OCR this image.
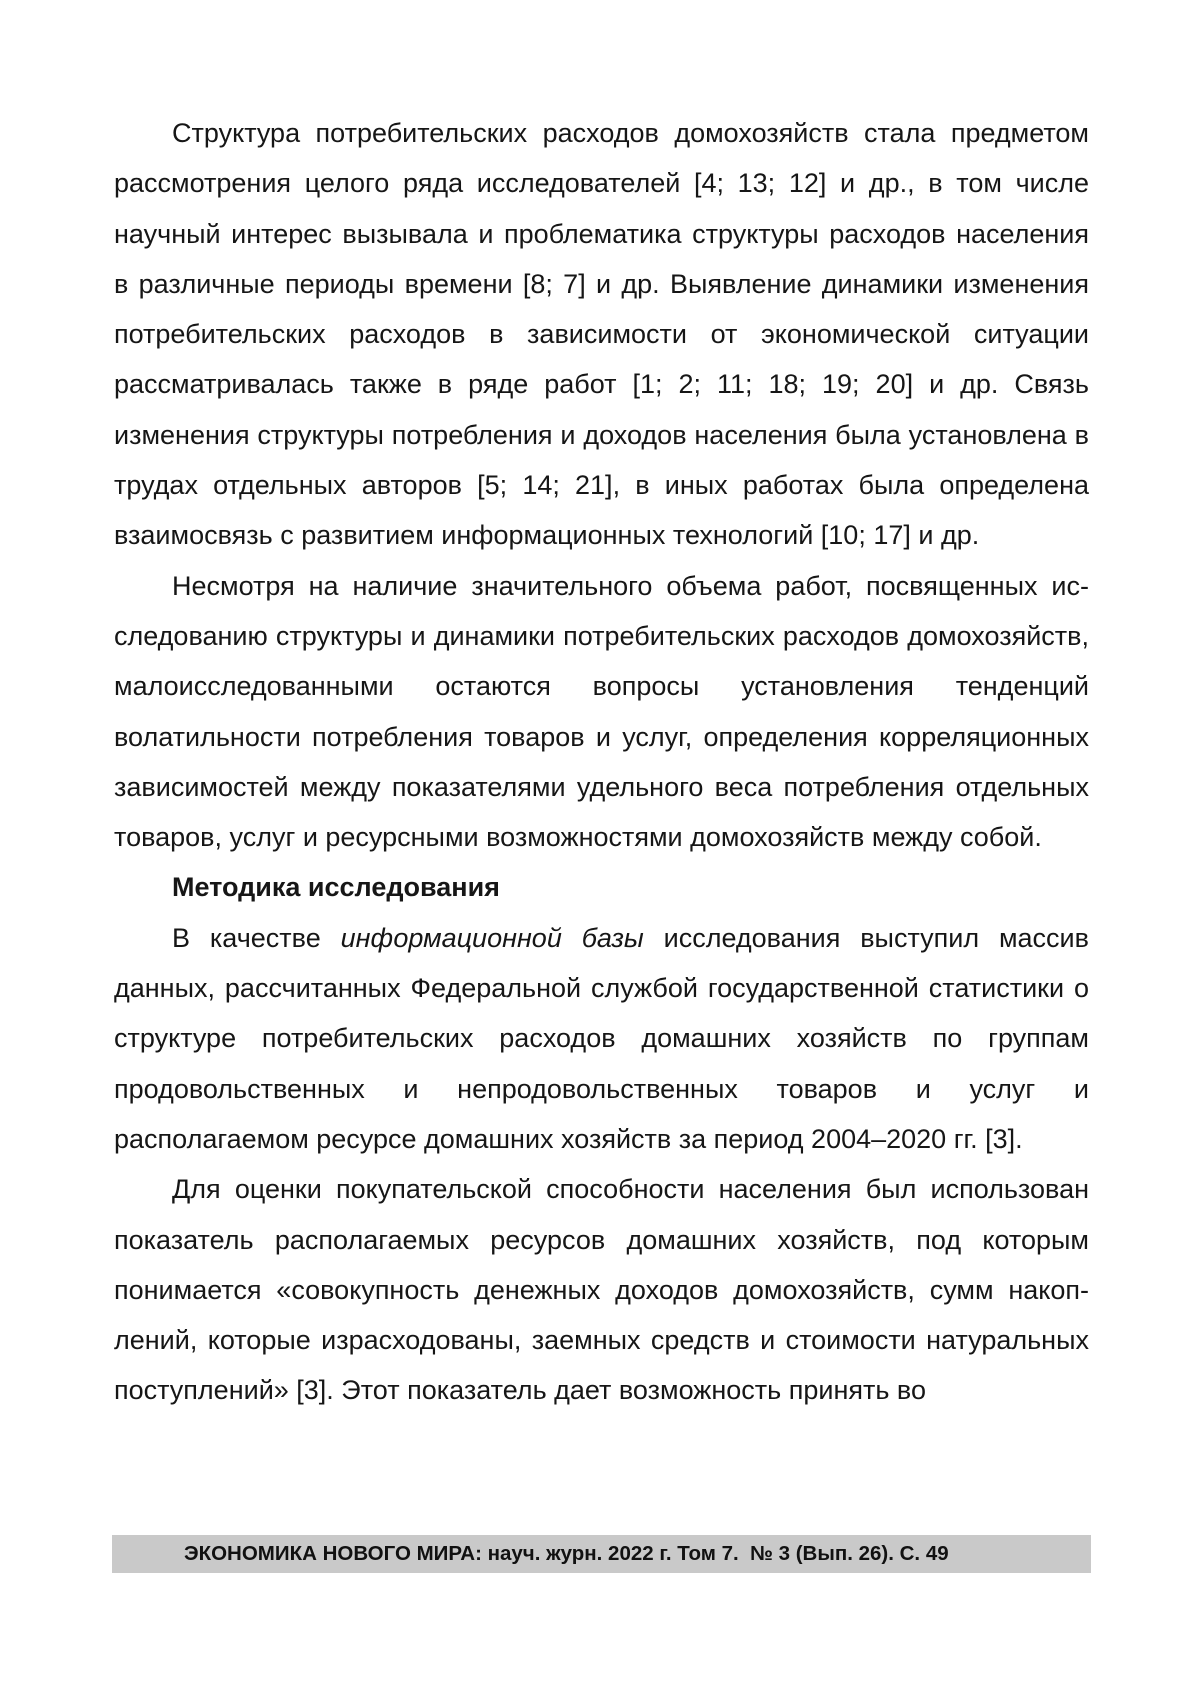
Структура потребительских расходов домохозяйств стала предметом рассмотрения целого ряда исследователей [4; 13; 12] и др., в том числе научный интерес вызывала и проблематика структуры расходов населе­ния в различные периоды времени [8; 7] и др. Выявление динамики изме­нения потребительских расходов в зависимости от экономической ситуации рассматривалась также в ряде работ [1; 2; 11; 18; 19; 20] и др. Связь изменения структуры потребления и доходов населения была уста­новлена в трудах отдельных авторов [5; 14; 21], в иных работах была определена взаимосвязь с развитием информационных технологий [10; 17] и др.

Несмотря на наличие значительного объема работ, посвященных ис­следованию структуры и динамики потребительских расходов домохо­зяйств, малоисследованными остаются вопросы установления тенденций волатильности потребления товаров и услуг, определения корреляцион­ных зависимостей между показателями удельного веса потребления от­дельных товаров, услуг и ресурсными возможностями домохозяйств между собой.

Методика исследования

В качестве информационной базы исследования выступил массив данных, рассчитанных Федеральной службой государственной стати­стики о структуре потребительских расходов домашних хозяйств по груп­пам продовольственных и непродовольственных товаров и услуг и располагаемом ресурсе домашних хозяйств за период 2004–2020 гг. [3].

Для оценки покупательской способности населения был использован показатель располагаемых ресурсов домашних хозяйств, под которым понимается «совокупность денежных доходов домохозяйств, сумм накоп­лений, которые израсходованы, заемных средств и стоимости натураль­ных поступлений» [3]. Этот показатель дает возможность принять во

ЭКОНОМИКА НОВОГО МИРА: науч. журн. 2022 г. Том 7.  № 3 (Вып. 26). С. 49
